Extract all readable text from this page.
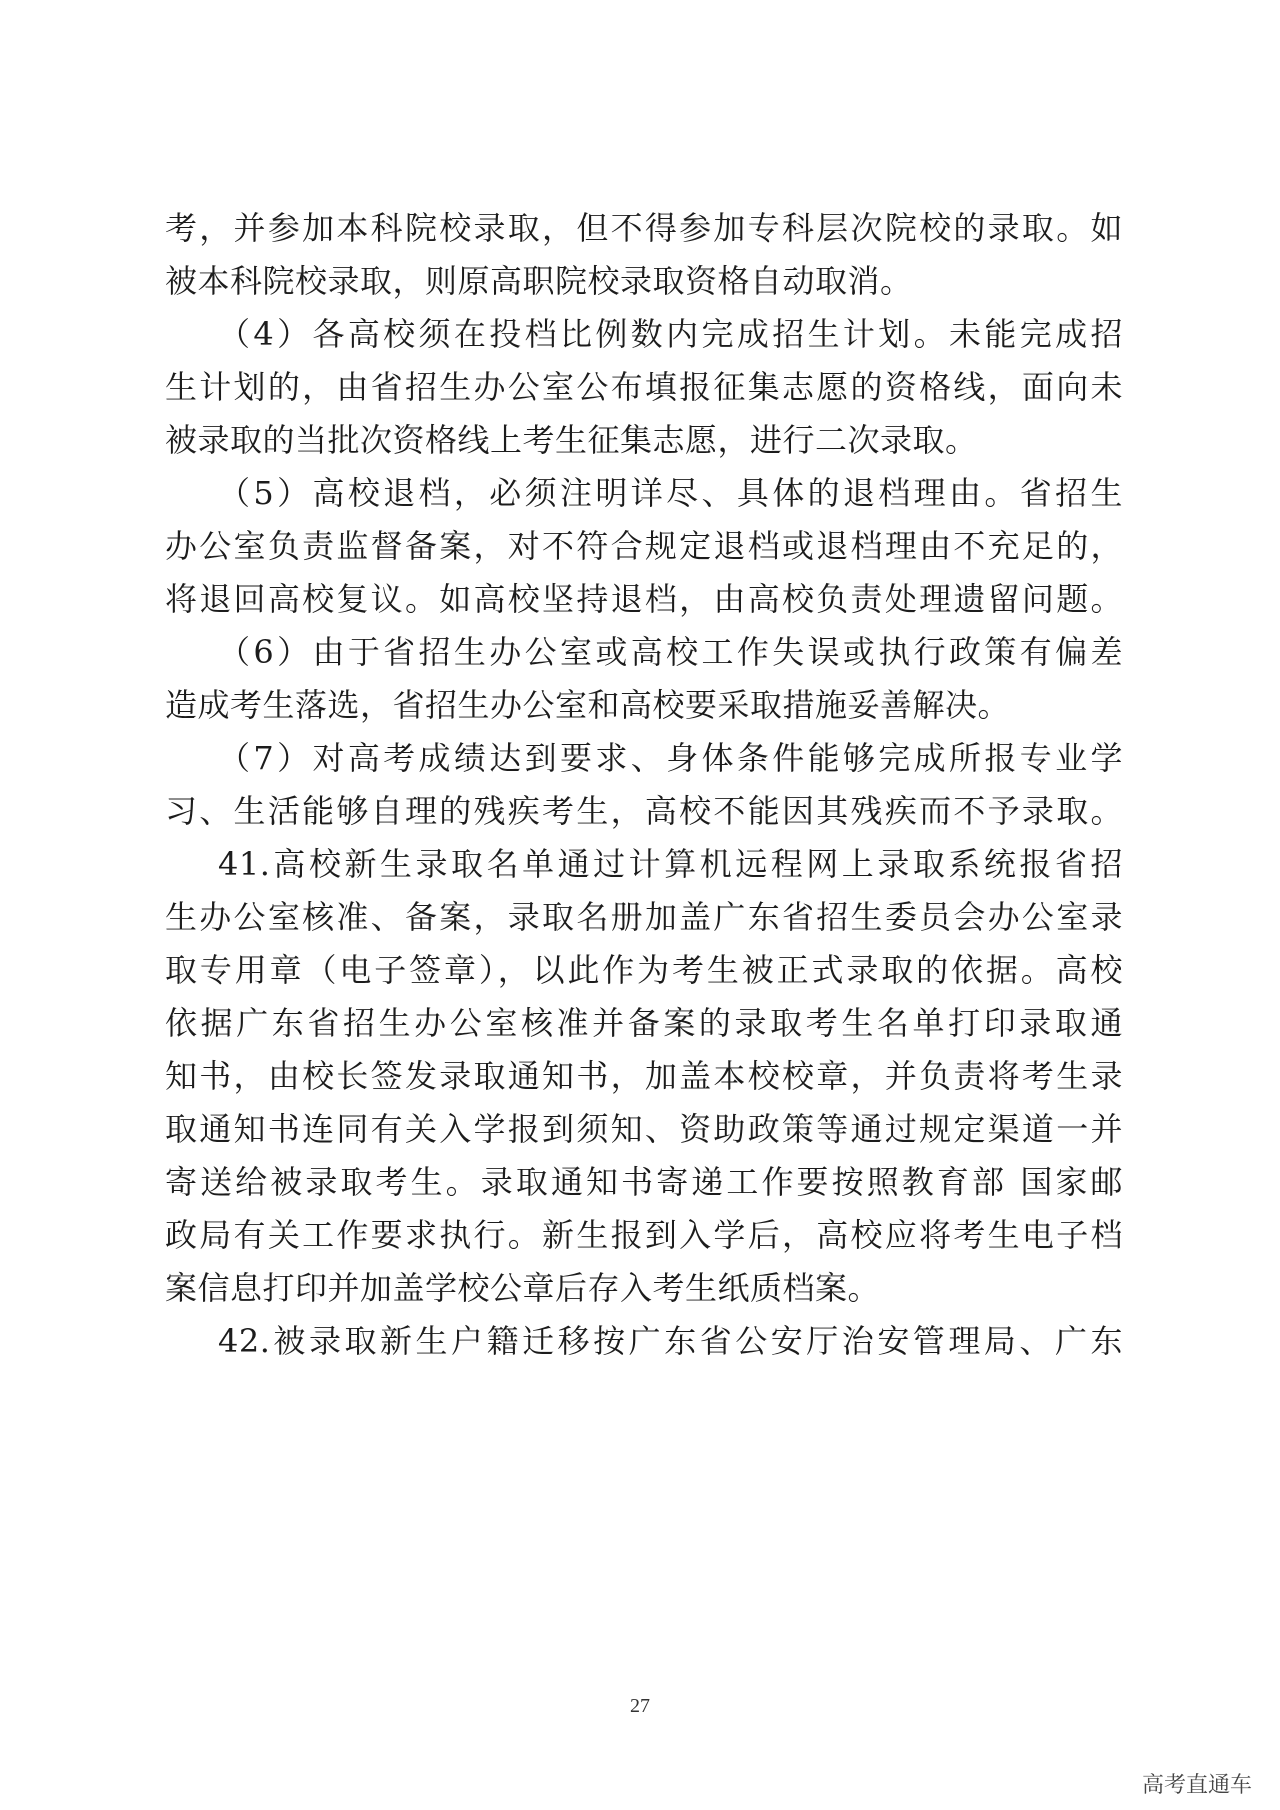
考，并参加本科院校录取，但不得参加专科层次院校的录取。如
被本科院校录取，则原高职院校录取资格自动取消。
（4）各高校须在投档比例数内完成招生计划。未能完成招
生计划的，由省招生办公室公布填报征集志愿的资格线，面向未
被录取的当批次资格线上考生征集志愿，进行二次录取。
（5）高校退档，必须注明详尽、具体的退档理由。省招生
办公室负责监督备案，对不符合规定退档或退档理由不充足的，
将退回高校复议。如高校坚持退档，由高校负责处理遗留问题。
（6）由于省招生办公室或高校工作失误或执行政策有偏差
造成考生落选，省招生办公室和高校要采取措施妥善解决。
（7）对高考成绩达到要求、身体条件能够完成所报专业学
习、生活能够自理的残疾考生，高校不能因其残疾而不予录取。
41.高校新生录取名单通过计算机远程网上录取系统报省招
生办公室核准、备案，录取名册加盖广东省招生委员会办公室录
取专用章（电子签章），以此作为考生被正式录取的依据。高校
依据广东省招生办公室核准并备案的录取考生名单打印录取通
知书，由校长签发录取通知书，加盖本校校章，并负责将考生录
取通知书连同有关入学报到须知、资助政策等通过规定渠道一并
寄送给被录取考生。录取通知书寄递工作要按照教育部 国家邮
政局有关工作要求执行。新生报到入学后，高校应将考生电子档
案信息打印并加盖学校公章后存入考生纸质档案。
42.被录取新生户籍迁移按广东省公安厅治安管理局、广东
27
高考直通车
